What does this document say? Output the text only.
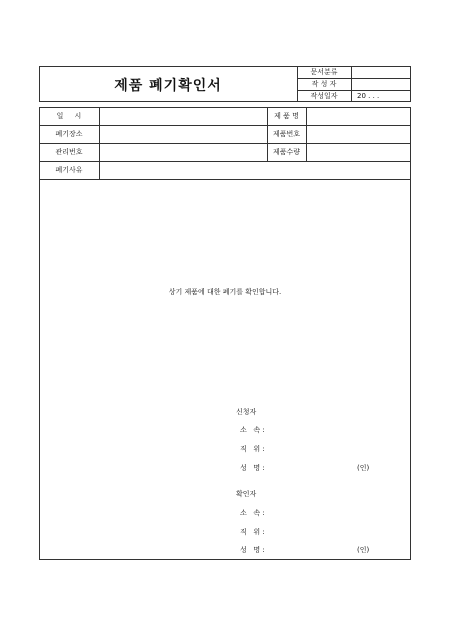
제품 폐기확인서
문서분류
작 성 자
작성일자	20 . . .
일     시	제 품 명
폐기장소	제품번호
관리번호	제품수량
폐기사유
상기 제품에 대한 폐기를 확인합니다.
신청자
소   속 :
직   위 :
성   명 :	(인)
확인자
소   속 :
직   위 :
성   명 :	(인)
